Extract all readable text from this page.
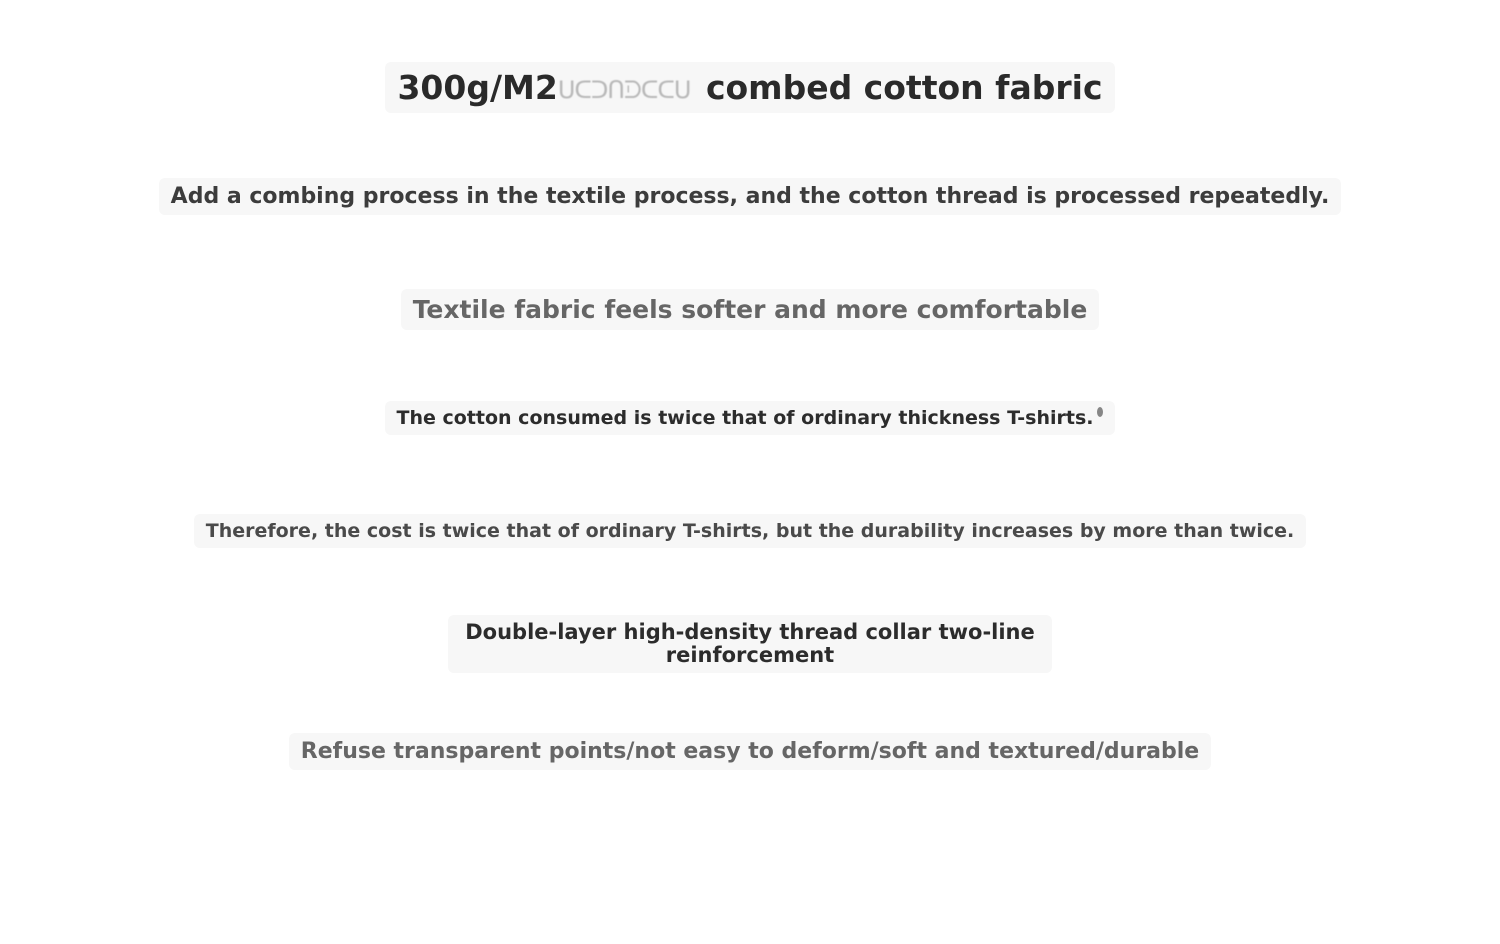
300g/M2ᑌᑕᑐᑎᑓᑕᑕᑌ combed cotton fabric
Add a combing process in the textile process, and the cotton thread is processed repeatedly.
Textile fabric feels softer and more comfortable
The cotton consumed is twice that of ordinary thickness T-shirts.
Therefore, the cost is twice that of ordinary T-shirts, but the durability increases by more than twice.
Double-layer high-density thread collar two-line reinforcement
Refuse transparent points/not easy to deform/soft and textured/durable
